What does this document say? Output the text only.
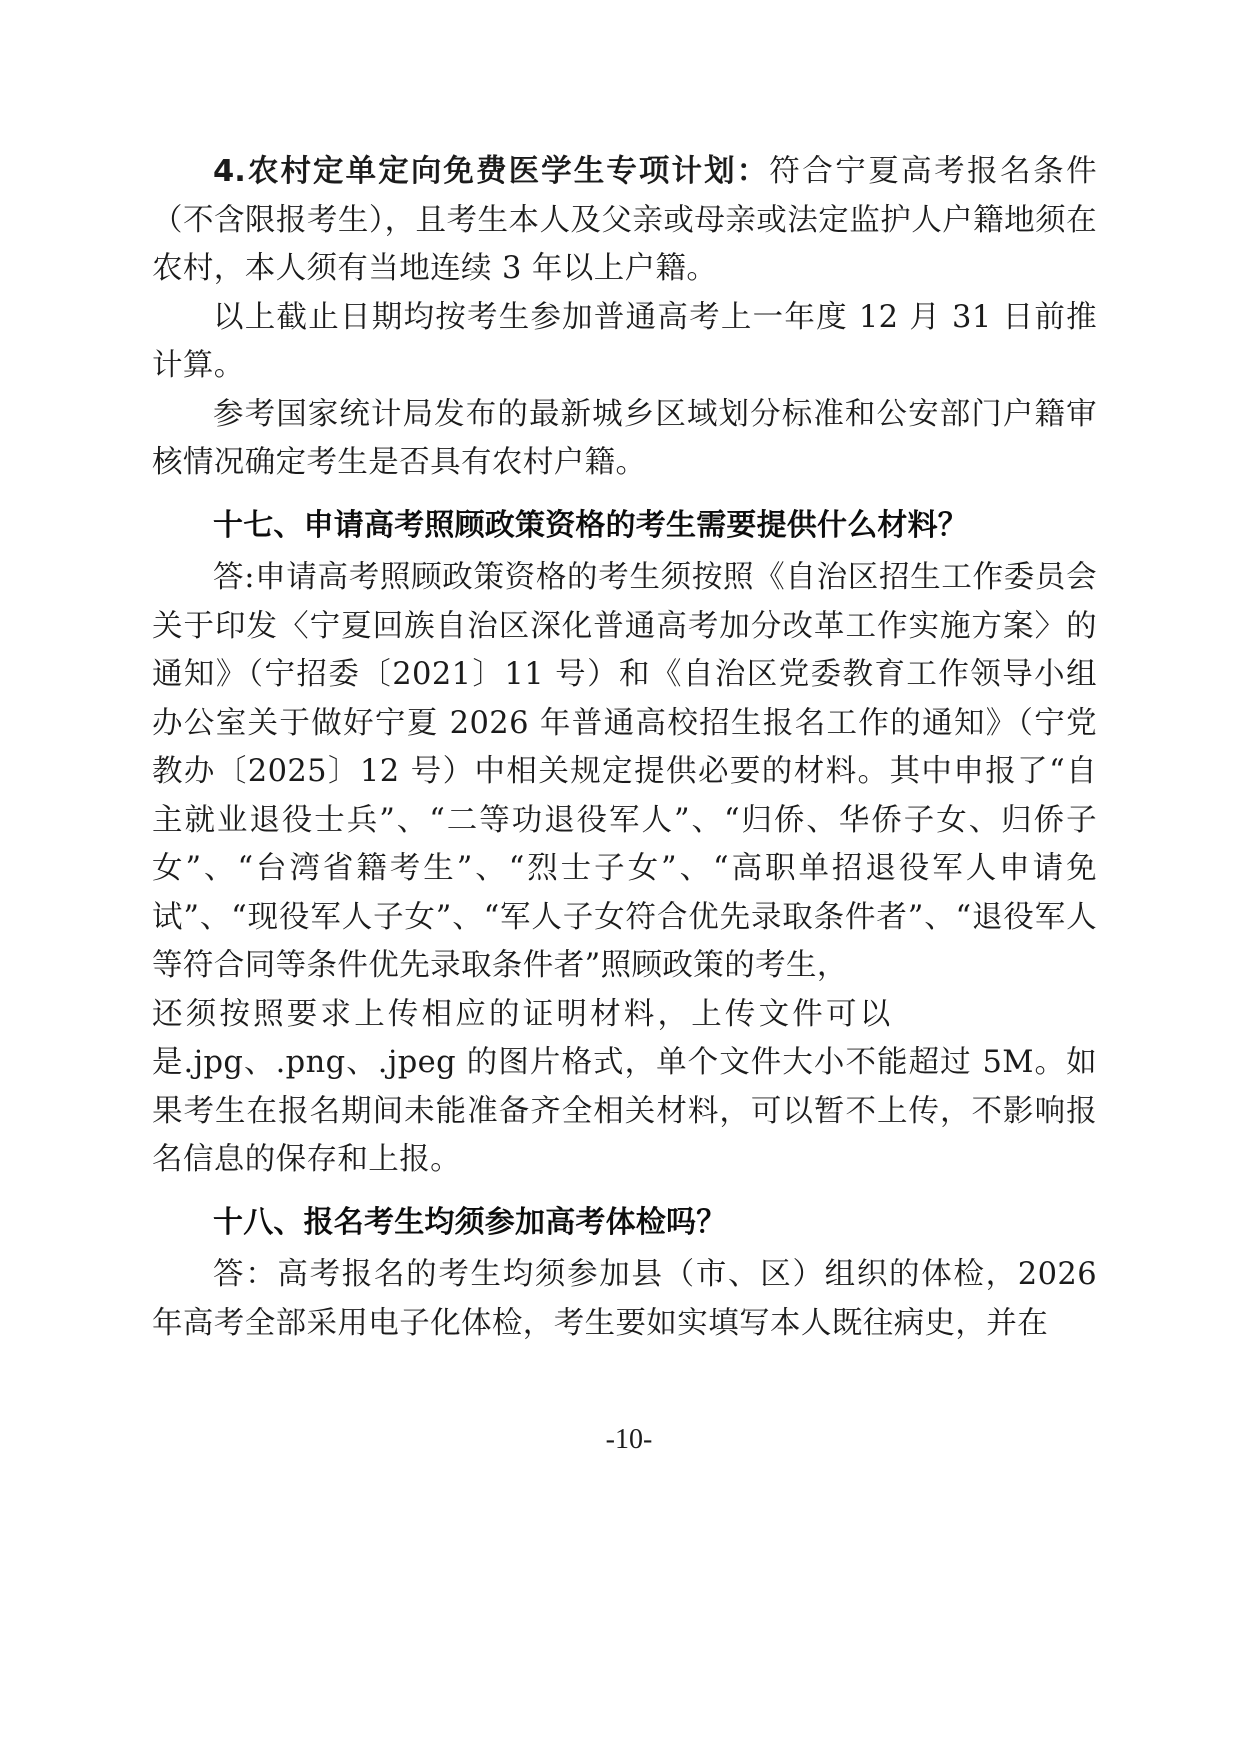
4.农村定单定向免费医学生专项计划：符合宁夏高考报名条件（不含限报考生），且考生本人及父亲或母亲或法定监护人户籍地须在农村，本人须有当地连续 3 年以上户籍。

以上截止日期均按考生参加普通高考上一年度 12 月 31 日前推计算。

参考国家统计局发布的最新城乡区域划分标准和公安部门户籍审核情况确定考生是否具有农村户籍。

十七、申请高考照顾政策资格的考生需要提供什么材料？

答:申请高考照顾政策资格的考生须按照《自治区招生工作委员会关于印发〈宁夏回族自治区深化普通高考加分改革工作实施方案〉的通知》（宁招委〔2021〕11 号）和《自治区党委教育工作领导小组办公室关于做好宁夏 2026 年普通高校招生报名工作的通知》（宁党教办〔2025〕12 号）中相关规定提供必要的材料。其中申报了“自主就业退役士兵”、“二等功退役军人”、“归侨、华侨子女、归侨子女”、“台湾省籍考生”、“烈士子女”、“高职单招退役军人申请免试”、“现役军人子女”、“军人子女符合优先录取条件者”、“退役军人等符合同等条件优先录取条件者”照顾政策的考生，

还须按照要求上传相应的证明材料，上传文件可以

是.jpg、.png、.jpeg 的图片格式，单个文件大小不能超过 5M。如果考生在报名期间未能准备齐全相关材料，可以暂不上传，不影响报名信息的保存和上报。

十八、报名考生均须参加高考体检吗？

答：高考报名的考生均须参加县（市、区）组织的体检，2026 年高考全部采用电子化体检，考生要如实填写本人既往病史，并在

-10-
